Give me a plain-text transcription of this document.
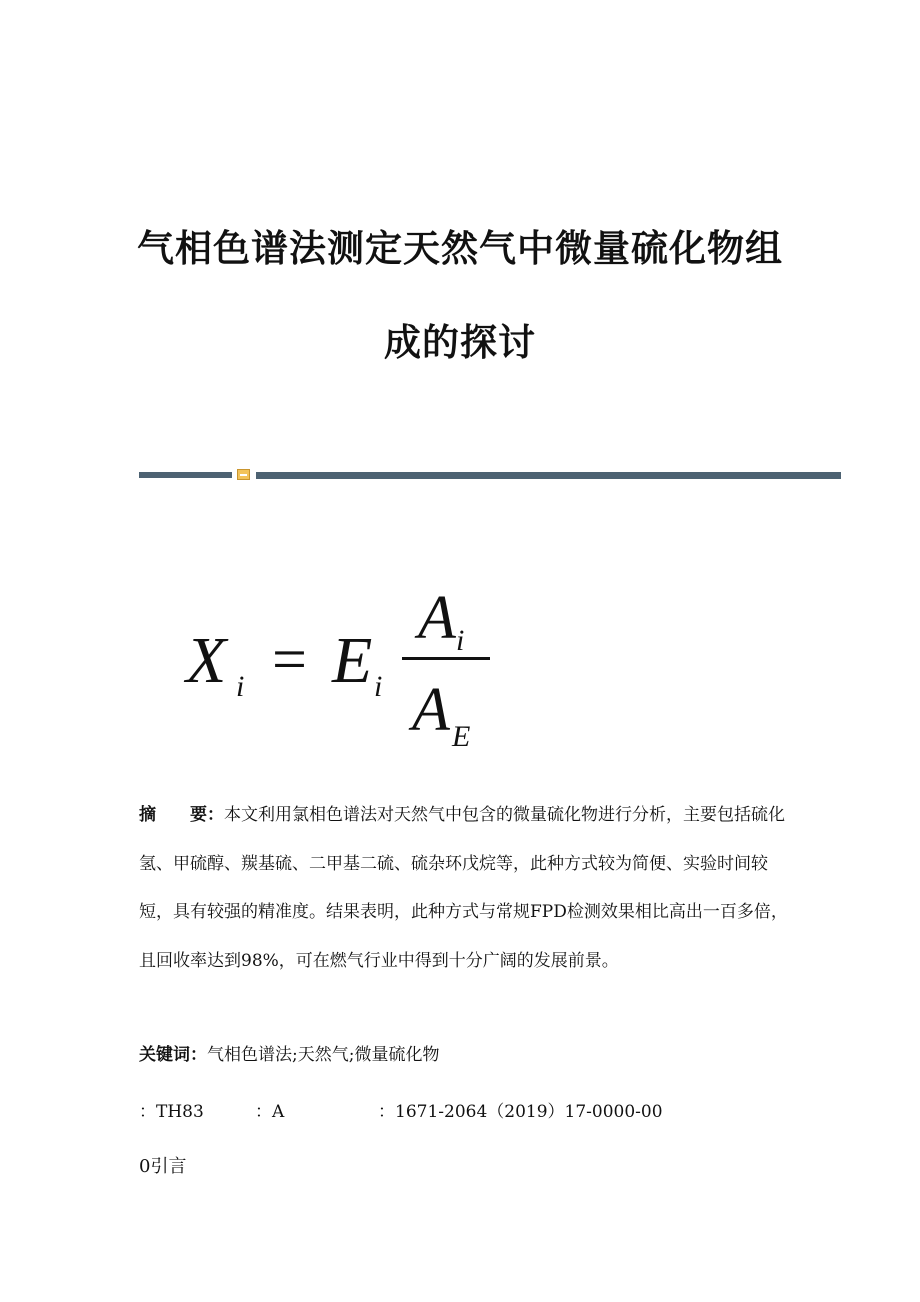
气相色谱法测定天然气中微量硫化物组
成的探讨
X i = E i
A i
A E
摘　　要：本文利用氯相色谱法对天然气中包含的微量硫化物进行分析，主要包括硫化氢、甲硫醇、羰基硫、二甲基二硫、硫杂环戊烷等，此种方式较为简便、实验时间较短，具有较强的精准度。结果表明，此种方式与常规FPD检测效果相比高出一百多倍，且回收率达到98%，可在燃气行业中得到十分广阔的发展前景。
关键词：气相色谱法;天然气;微量硫化物
：TH83	：A	：1671-2064（2019）17-0000-00
0引言
